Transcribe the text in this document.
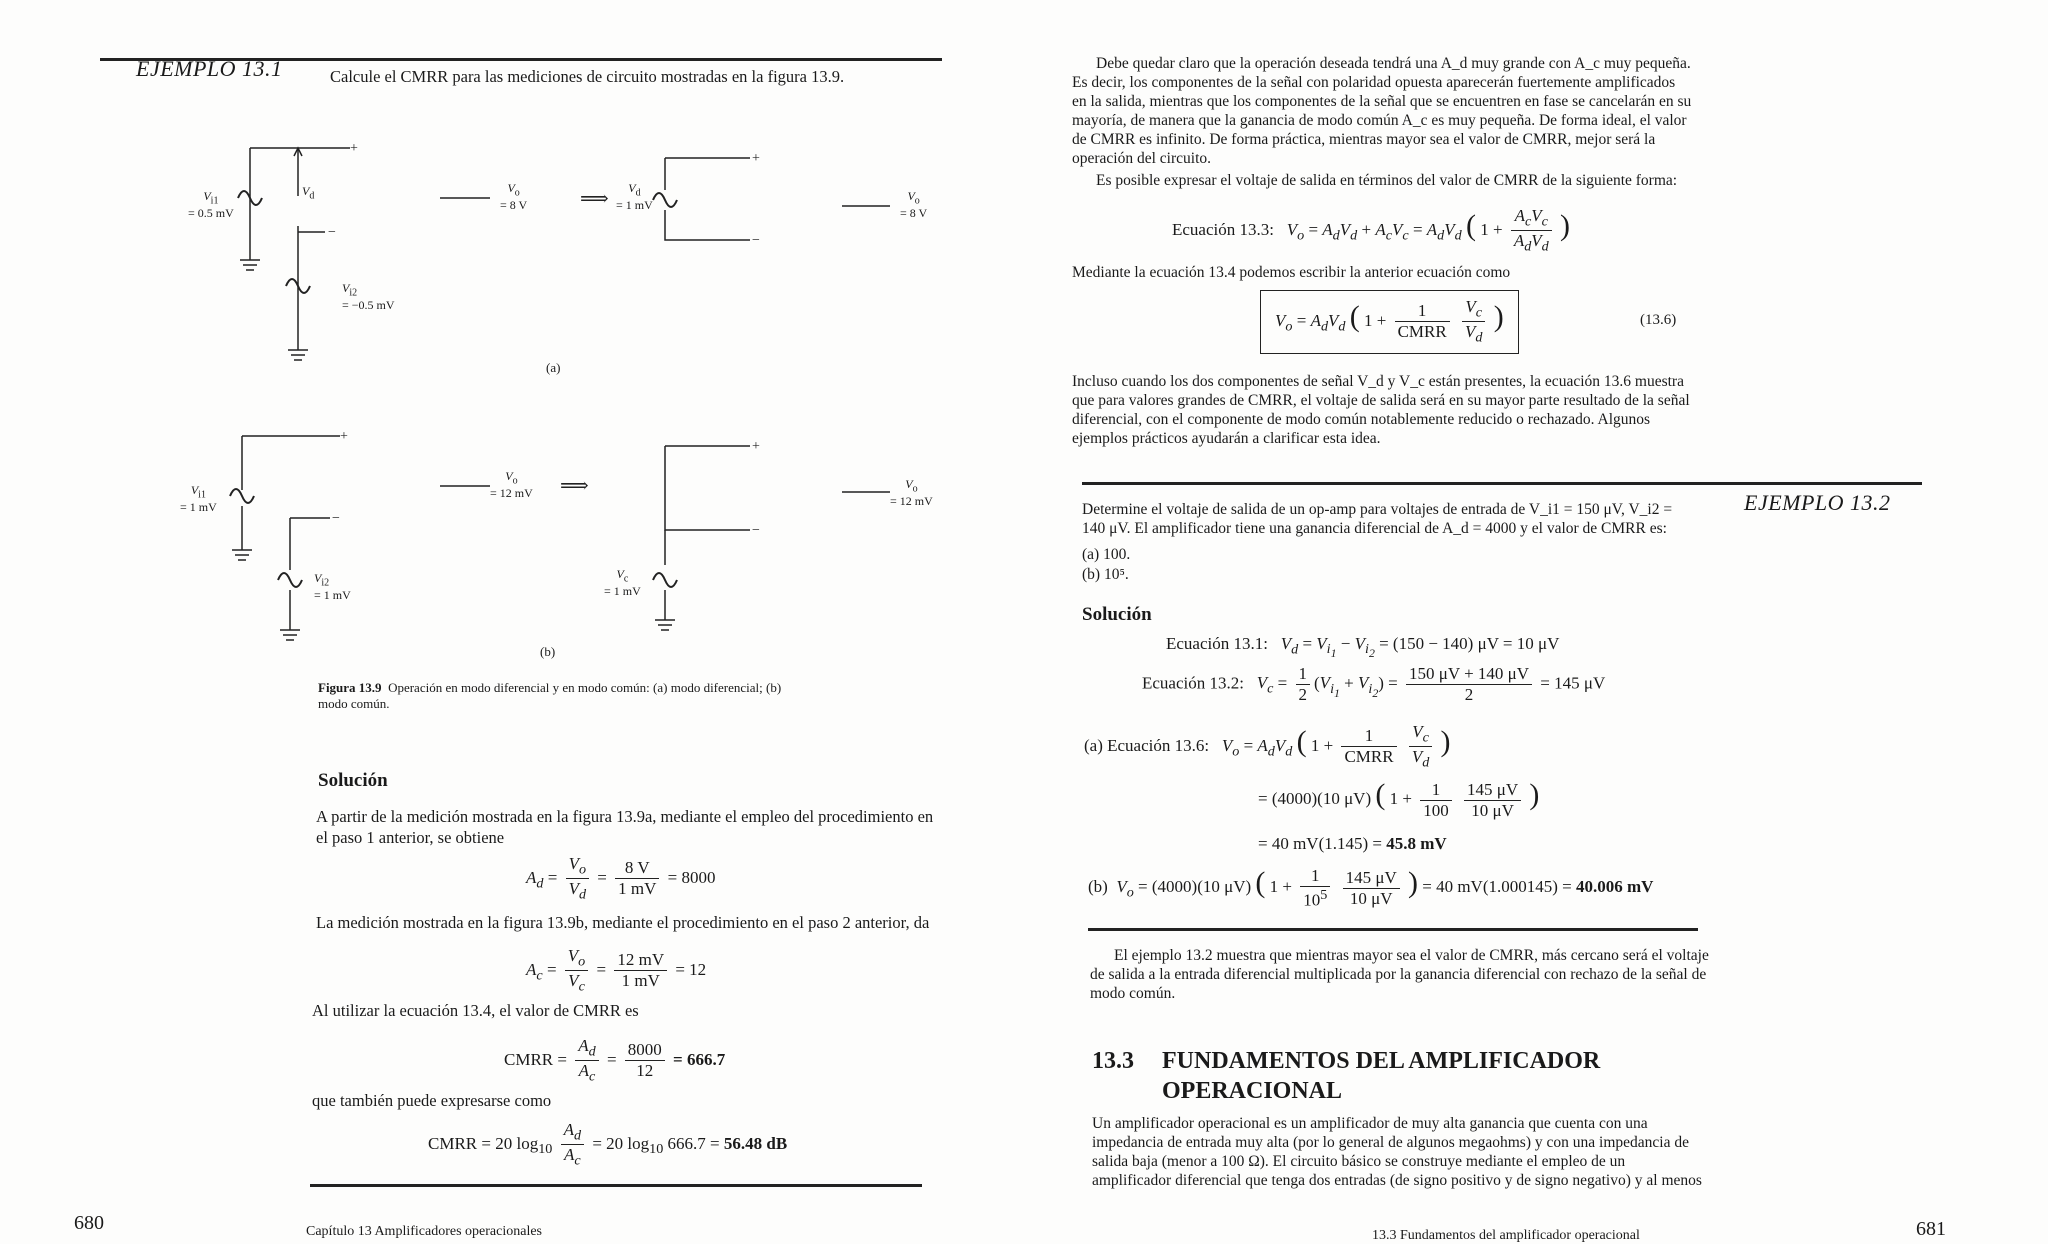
EJEMPLO 13.1	Calcule el CMRR para las mediciones de circuito mostradas en la figura 13.9.
+
−
+
−
⟹
$V_{i1}$
= 0.5 mV
$V_d$
$V_{i2}$
= −0.5 mV
$V_o$
= 8 V
$V_d$
= 1 mV
$V_o$
= 8 V
(a)
+
−
+
−
⟹
$V_{i1}$
= 1 mV
$V_{i2}$
= 1 mV
$V_o$
= 12 mV
$V_c$
= 1 mV
$V_o$
= 12 mV
(b)
Figura 13.9 Operación en modo diferencial y en modo común: (a) modo diferencial; (b) modo común.
Solución
A partir de la medición mostrada en la figura 13.9a, mediante el empleo del procedimiento en el paso 1 anterior, se obtiene
$A_d = \frac{V_o}{V_d} = \frac{8 V}{1 mV} = 8000$
La medición mostrada en la figura 13.9b, mediante el procedimiento en el paso 2 anterior, da
$A_c = \frac{V_o}{V_c} = \frac{12 mV}{1 mV} = 12$
Al utilizar la ecuación 13.4, el valor de CMRR es
CMRR = $\frac{A_d}{A_c} = \frac{8000}{12} = 666.7$
que también puede expresarse como
CMRR = 20 $\log_{10} \frac{A_d}{A_c} = 20$ $\log_{10} 666.7 = 56.48$ dB
680	Capítulo 13 Amplificadores operacionales
Debe quedar claro que la operación deseada tendrá una A_d muy grande con A_c muy pequeña. Es decir, los componentes de la señal con polaridad opuesta aparecerán fuertemente amplificados en la salida, mientras que los componentes de la señal que se encuentren en fase se cancelarán en su mayoría, de manera que la ganancia de modo común A_c es muy pequeña. De forma ideal, el valor de CMRR es infinito. De forma práctica, mientras mayor sea el valor de CMRR, mejor será la operación del circuito.
Es posible expresar el voltaje de salida en términos del valor de CMRR de la siguiente forma:
Ecuación 13.3: $V_o = A_dV_d + A_cV_c = A_dV_d$ ( $1 + \frac{A_cV_c}{A_dV_d}$ )
Mediante la ecuación 13.4 podemos escribir la anterior ecuación como
$V_o = A_dV_d$ ( $1 + \frac{1}{\text{CMRR}}$
$\frac{V_c}{V_d}$ )	(13.6)
Incluso cuando los dos componentes de señal V_d y V_c están presentes, la ecuación 13.6 muestra que para valores grandes de CMRR, el voltaje de salida será en su mayor parte resultado de la señal diferencial, con el componente de modo común notablemente reducido o rechazado. Algunos ejemplos prácticos ayudarán a clarificar esta idea.
EJEMPLO 13.2
Determine el voltaje de salida de un op-amp para voltajes de entrada de V_i1 = 150 μV, V_i2 = 140 μV. El amplificador tiene una ganancia diferencial de A_d = 4000 y el valor de CMRR es:
(a) 100.
(b) 10⁵.
Solución
Ecuación 13.1: $V_d = V_{i_1} - V_{i_2} = (150 - 140) \mu V = 10$ μV
Ecuación 13.2: $V_c = \frac{1}{2} (V_{i_1} + V_{i_2}) = \frac{150 \mu V + 140 \mu V}{2} = 145$ μV
(a) Ecuación 13.6: $V_o = A_dV_d$ ( $1 + \frac{1}{\text{CMRR}}$
$\frac{V_c}{V_d}$ )
= (4000)(10 μV) ( $1 + \frac{1}{100}$
$\frac{145 \mu V}{10 \mu V}$ )
= 40 mV(1.145) = 45.8 mV
(b)  $V_o = (4000)(10$ μV) ( $1 + \frac{1}{10^5}$
$\frac{145 \mu V}{10 \mu V}$ ) = 40 mV(1.000145) = 40.006 mV
El ejemplo 13.2 muestra que mientras mayor sea el valor de CMRR, más cercano será el voltaje de salida a la entrada diferencial multiplicada por la ganancia diferencial con rechazo de la señal de modo común.
13.3 FUNDAMENTOS DEL AMPLIFICADOR
OPERACIONAL
Un amplificador operacional es un amplificador de muy alta ganancia que cuenta con una impedancia de entrada muy alta (por lo general de algunos megaohms) y con una impedancia de salida baja (menor a 100 Ω). El circuito básico se construye mediante el empleo de un amplificador diferencial que tenga dos entradas (de signo positivo y de signo negativo) y al menos
13.3 Fundamentos del amplificador operacional	681
